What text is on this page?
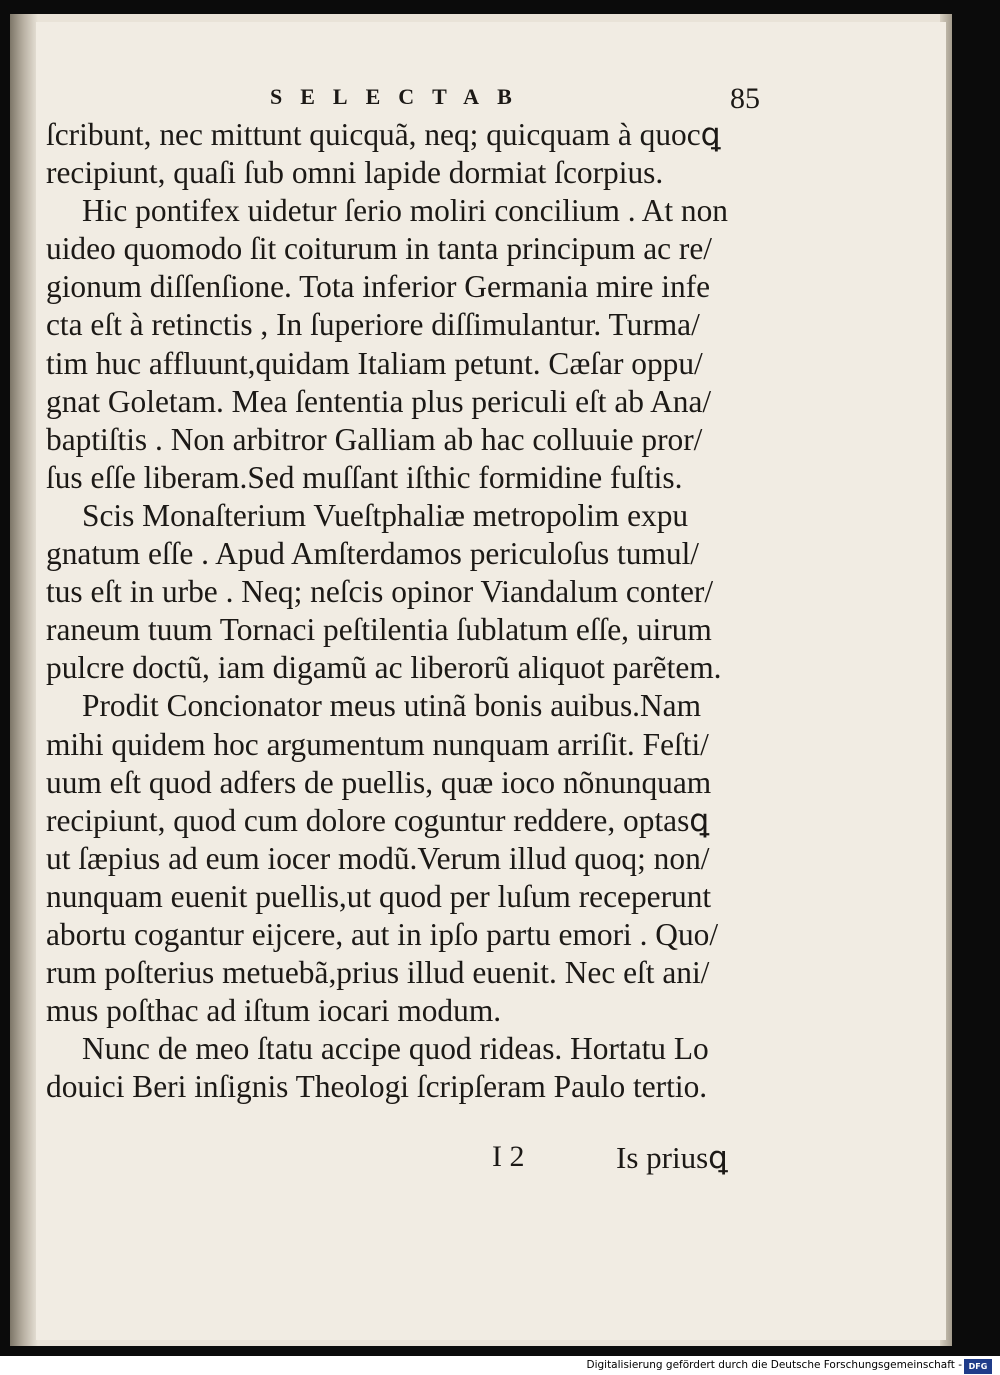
SELECTAB	85
ſcribunt, nec mittunt quicquã, neq; quicquam à quocꝗ
recipiunt, quaſi ſub omni lapide dormiat ſcorpius.
Hic pontifex uidetur ſerio moliri concilium . At non
uideo quomodo ſit coiturum in tanta principum ac re/
gionum diſſenſione. Tota inferior Germania mire infe
cta eſt à retinctis , In ſuperiore diſſimulantur. Turma/
tim huc affluunt,quidam Italiam petunt. Cæſar oppu/
gnat Goletam. Mea ſententia plus periculi eſt ab Ana/
baptiſtis . Non arbitror Galliam ab hac colluuie pror/
ſus eſſe liberam.Sed muſſant iſthic formidine fuſtis.
Scis Monaſterium Vueſtphaliæ metropolim expu
gnatum eſſe . Apud Amſterdamos periculoſus tumul/
tus eſt in urbe . Neq; neſcis opinor Viandalum conter/
raneum tuum Tornaci peſtilentia ſublatum eſſe, uirum
pulcre doctũ, iam digamũ ac liberorũ aliquot parẽtem.
Prodit Concionator meus utinã bonis auibus.Nam
mihi quidem hoc argumentum nunquam arriſit. Feſti/
uum eſt quod adfers de puellis, quæ ioco nõnunquam
recipiunt, quod cum dolore coguntur reddere, optasꝗ
ut ſæpius ad eum iocer modũ.Verum illud quoq; non/
nunquam euenit puellis,ut quod per luſum receperunt
abortu cogantur eijcere, aut in ipſo partu emori . Quo/
rum poſterius metuebã,prius illud euenit. Nec eſt ani/
mus poſthac ad iſtum iocari modum.
Nunc de meo ſtatu accipe quod rideas. Hortatu Lo
douici Beri inſignis Theologi ſcripſeram Paulo tertio.
I 2	Is priusꝗ
Digitalisierung gefördert durch die Deutsche Forschungsgemeinschaft - DFG
